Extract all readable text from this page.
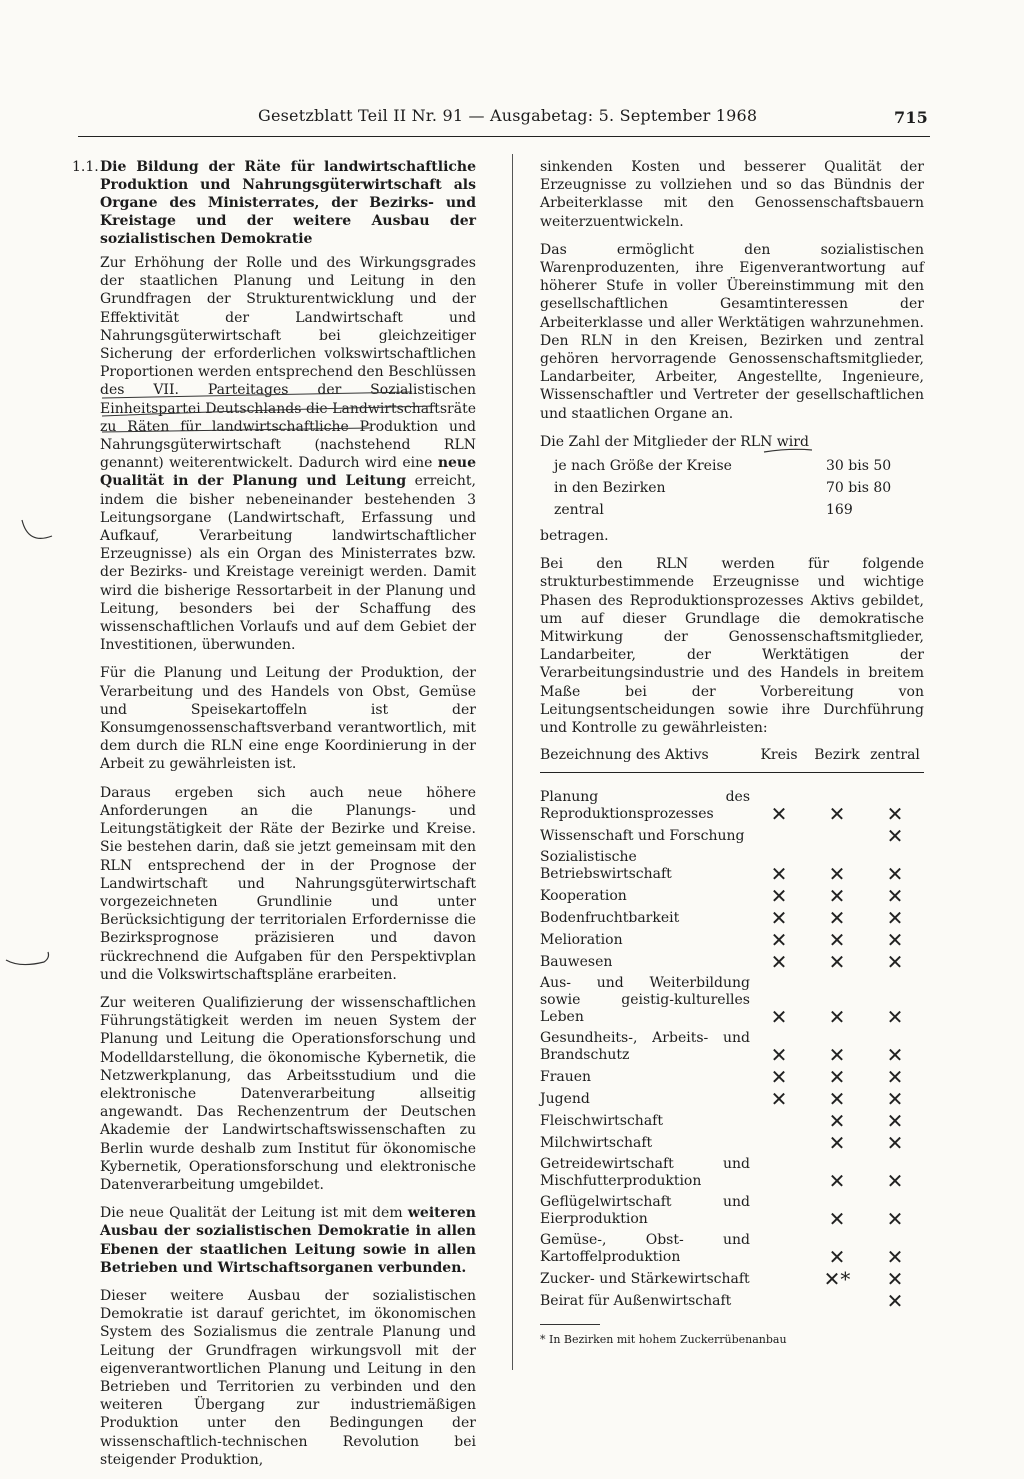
Gesetzblatt Teil II Nr. 91 — Ausgabetag: 5. September 1968	715
1.1. Die Bildung der Räte für landwirtschaftliche Produktion und Nahrungsgüterwirtschaft als Organe des Ministerrates, der Bezirks- und Kreistage und der weitere Ausbau der sozialistischen Demokratie

Zur Erhöhung der Rolle und des Wirkungsgrades der staatlichen Planung und Leitung in den Grundfragen der Strukturentwicklung und der Effektivität der Landwirtschaft und Nahrungsgüterwirtschaft bei gleichzeitiger Sicherung der erforderlichen volkswirtschaftlichen Proportionen werden entsprechend den Beschlüssen des VII. Parteitages der Sozialistischen Einheitspartei Deutschlands die Landwirtschaftsräte zu Räten für landwirtschaftliche Produktion und Nahrungsgüterwirtschaft (nachstehend RLN genannt) weiterentwickelt. Dadurch wird eine neue Qualität in der Planung und Leitung erreicht, indem die bisher nebeneinander bestehenden 3 Leitungsorgane (Landwirtschaft, Erfassung und Aufkauf, Verarbeitung landwirtschaftlicher Erzeugnisse) als ein Organ des Ministerrates bzw. der Bezirks- und Kreistage vereinigt werden. Damit wird die bisherige Ressortarbeit in der Planung und Leitung, besonders bei der Schaffung des wissenschaftlichen Vorlaufs und auf dem Gebiet der Investitionen, überwunden.

Für die Planung und Leitung der Produktion, der Verarbeitung und des Handels von Obst, Gemüse und Speisekartoffeln ist der Konsumgenossenschaftsverband verantwortlich, mit dem durch die RLN eine enge Koordinierung in der Arbeit zu gewährleisten ist.

Daraus ergeben sich auch neue höhere Anforderungen an die Planungs- und Leitungstätigkeit der Räte der Bezirke und Kreise. Sie bestehen darin, daß sie jetzt gemeinsam mit den RLN entsprechend der in der Prognose der Landwirtschaft und Nahrungsgüterwirtschaft vorgezeichneten Grundlinie und unter Berücksichtigung der territorialen Erfordernisse die Bezirksprognose präzisieren und davon rückrechnend die Aufgaben für den Perspektivplan und die Volkswirtschaftspläne erarbeiten.

Zur weiteren Qualifizierung der wissenschaftlichen Führungstätigkeit werden im neuen System der Planung und Leitung die Operationsforschung und Modelldarstellung, die ökonomische Kybernetik, die Netzwerkplanung, das Arbeitsstudium und die elektronische Datenverarbeitung allseitig angewandt. Das Rechenzentrum der Deutschen Akademie der Landwirtschaftswissenschaften zu Berlin wurde deshalb zum Institut für ökonomische Kybernetik, Operationsforschung und elektronische Datenverarbeitung umgebildet.

Die neue Qualität der Leitung ist mit dem weiteren Ausbau der sozialistischen Demokratie in allen Ebenen der staatlichen Leitung sowie in allen Betrieben und Wirtschaftsorganen verbunden.

Dieser weitere Ausbau der sozialistischen Demokratie ist darauf gerichtet, im ökonomischen System des Sozialismus die zentrale Planung und Leitung der Grundfragen wirkungsvoll mit der eigenverantwortlichen Planung und Leitung in den Betrieben und Territorien zu verbinden und den weiteren Übergang zur industriemäßigen Produktion unter den Bedingungen der wissenschaftlich-technischen Revolution bei steigender Produktion,

sinkenden Kosten und besserer Qualität der Erzeugnisse zu vollziehen und so das Bündnis der Arbeiterklasse mit den Genossenschaftsbauern weiterzuentwickeln.

Das ermöglicht den sozialistischen Warenproduzenten, ihre Eigenverantwortung auf höherer Stufe in voller Übereinstimmung mit den gesellschaftlichen Gesamtinteressen der Arbeiterklasse und aller Werktätigen wahrzunehmen. Den RLN in den Kreisen, Bezirken und zentral gehören hervorragende Genossenschaftsmitglieder, Landarbeiter, Arbeiter, Angestellte, Ingenieure, Wissenschaftler und Vertreter der gesellschaftlichen und staatlichen Organe an.

Die Zahl der Mitglieder der RLN wird
je nach Größe der Kreise	30 bis 50
in den Bezirken	70 bis 80
zentral	169

betragen.

Bei den RLN werden für folgende strukturbestimmende Erzeugnisse und wichtige Phasen des Reproduktionsprozesses Aktivs gebildet, um auf dieser Grundlage die demokratische Mitwirkung der Genossenschaftsmitglieder, Landarbeiter, der Werktätigen der Verarbeitungsindustrie und des Handels in breitem Maße bei der Vorbereitung von Leitungsentscheidungen sowie ihre Durchführung und Kontrolle zu gewährleisten:

Bezeichnung des Aktivs	Kreis	Bezirk	zentral
Planung des Reproduktionsprozesses	✕	✕	✕
Wissenschaft und Forschung			✕
Sozialistische Betriebswirtschaft	✕	✕	✕
Kooperation	✕	✕	✕
Bodenfruchtbarkeit	✕	✕	✕
Melioration	✕	✕	✕
Bauwesen	✕	✕	✕
Aus- und Weiterbildung sowie geistig-kulturelles Leben	✕	✕	✕
Gesundheits-, Arbeits- und Brandschutz	✕	✕	✕
Frauen	✕	✕	✕
Jugend	✕	✕	✕
Fleischwirtschaft		✕	✕
Milchwirtschaft		✕	✕
Getreidewirtschaft und Mischfutterproduktion		✕	✕
Geflügelwirtschaft und Eierproduktion		✕	✕
Gemüse-, Obst- und Kartoffelproduktion		✕	✕
Zucker- und Stärkewirtschaft		✕*	✕
Beirat für Außenwirtschaft			✕
* In Bezirken mit hohem Zuckerrübenanbau
